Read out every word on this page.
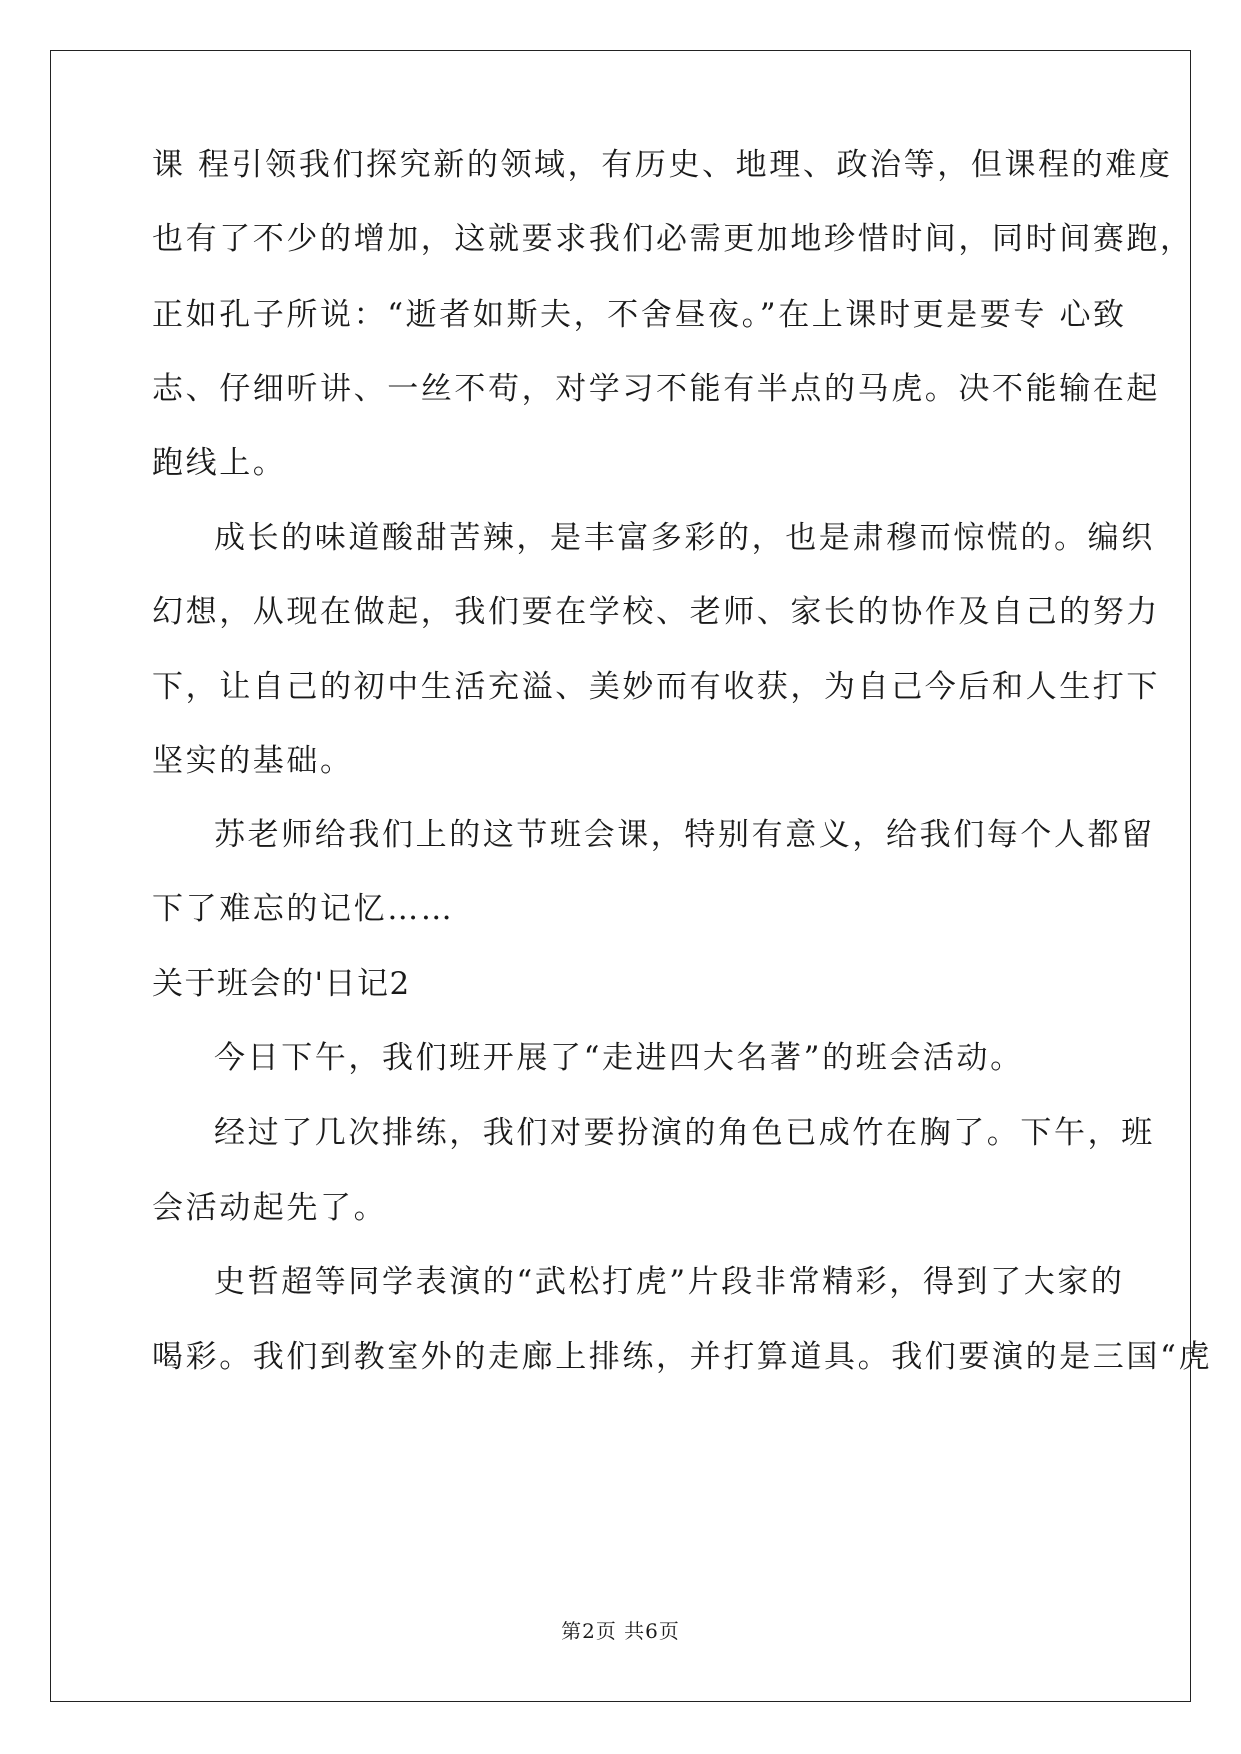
课 程引领我们探究新的领域，有历史、地理、政治等，但课程的难度
也有了不少的增加，这就要求我们必需更加地珍惜时间，同时间赛跑，
正如孔子所说：“逝者如斯夫，不舍昼夜。”在上课时更是要专 心致
志、仔细听讲、一丝不苟，对学习不能有半点的马虎。决不能输在起
跑线上。
成长的味道酸甜苦辣，是丰富多彩的，也是肃穆而惊慌的。编织
幻想，从现在做起，我们要在学校、老师、家长的协作及自己的努力
下，让自己的初中生活充溢、美妙而有收获，为自己今后和人生打下
坚实的基础。
苏老师给我们上的这节班会课，特别有意义，给我们每个人都留
下了难忘的记忆……
关于班会的'日记2
今日下午，我们班开展了“走进四大名著”的班会活动。
经过了几次排练，我们对要扮演的角色已成竹在胸了。下午，班
会活动起先了。
史哲超等同学表演的“武松打虎”片段非常精彩，得到了大家的
喝彩。我们到教室外的走廊上排练，并打算道具。我们要演的是三国“虎
第2页 共6页
